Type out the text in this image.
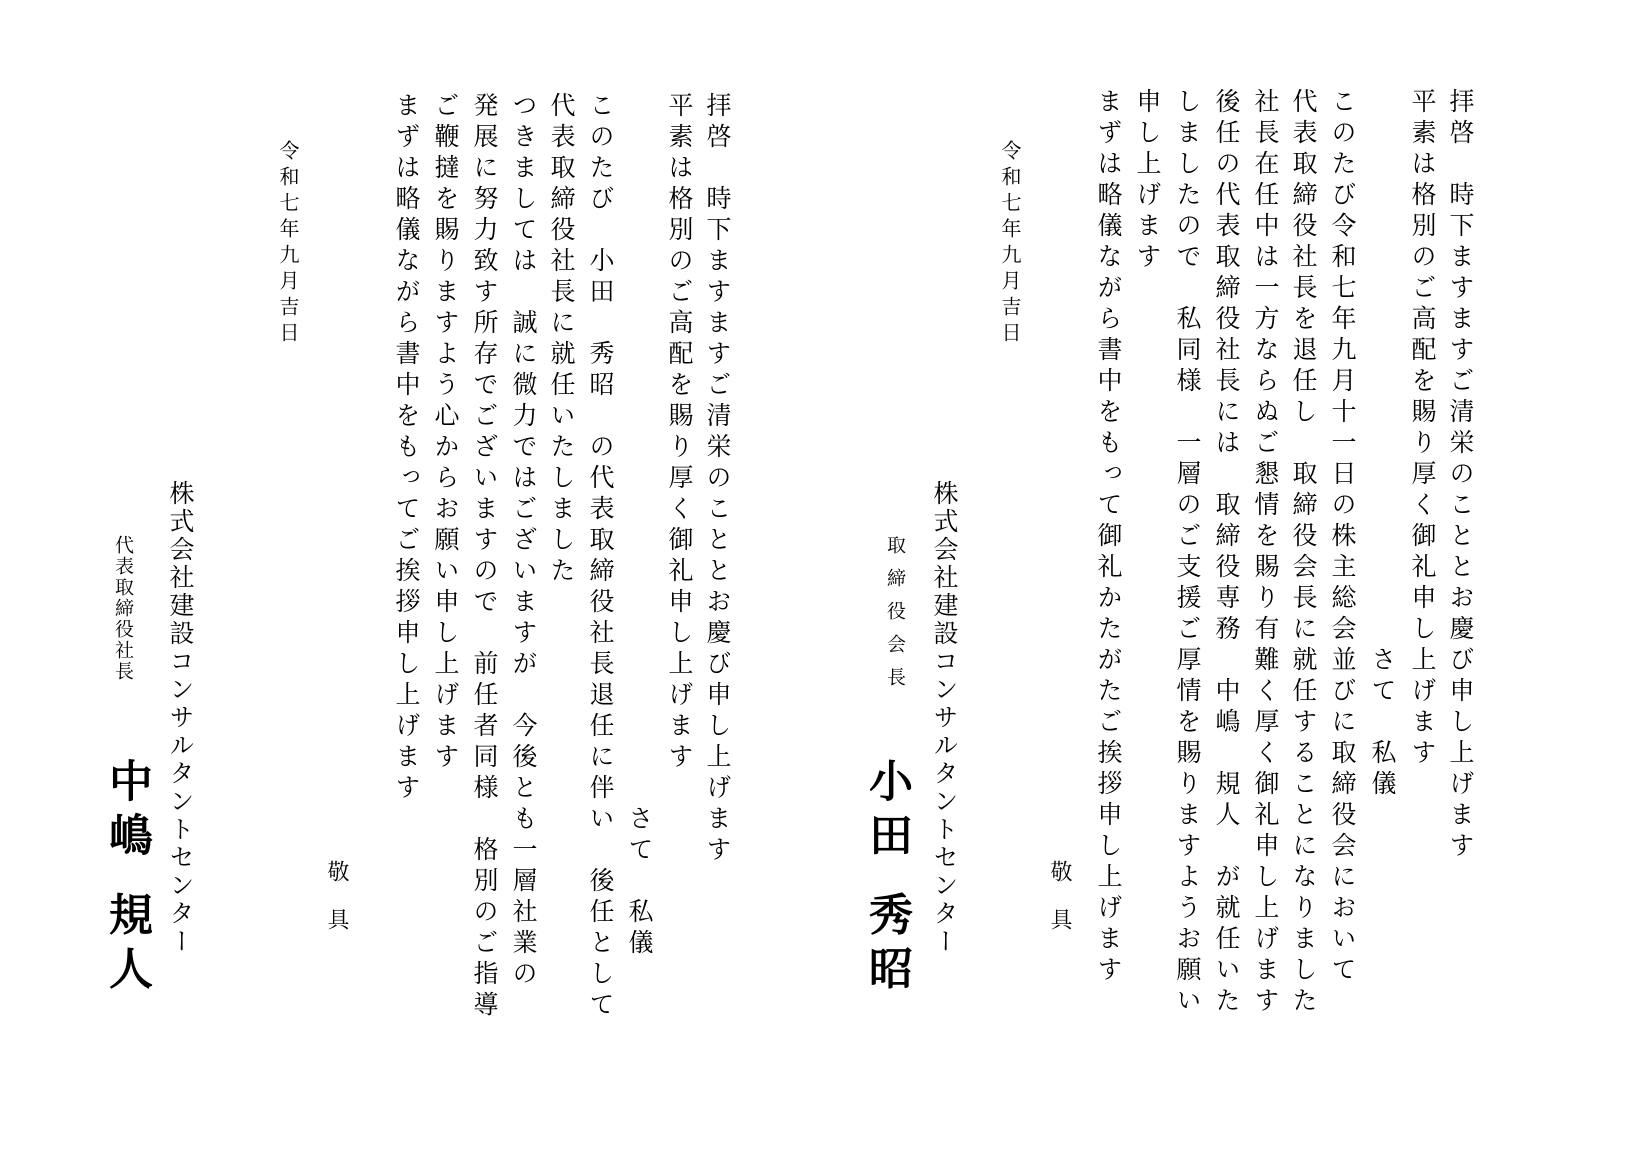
拝啓　時下ますますご清栄のこととお慶び申し上げます
平素は格別のご高配を賜り厚く御礼申し上げます
　　　　　　　　　　　　　　　　　　さて　私儀
このたび令和七年九月十一日の株主総会並びに取締役会において
代表取締役社長を退任し　取締役会長に就任することになりました
社長在任中は一方ならぬご懇情を賜り有難く厚く御礼申し上げます
後任の代表取締役社長には　取締役専務　中嶋　規人　が就任いた
しましたので　私同様　一層のご支援ご厚情を賜りますようお願い
申し上げます
まずは略儀ながら書中をもって御礼かたがたご挨拶申し上げます
敬具
令和七年九月吉日
株式会社建設コンサルタントセンター
取締役会長
小田 秀昭
拝啓　時下ますますご清栄のこととお慶び申し上げます
平素は格別のご高配を賜り厚く御礼申し上げます
　　　　　　　　　　　　　　　　　　　　　　　さて　私儀
このたび　小田　秀昭　の代表取締役社長退任に伴い　後任として
代表取締役社長に就任いたしました
つきましては　誠に微力ではございますが　今後とも一層社業の
発展に努力致す所存でございますので　前任者同様　格別のご指導
ご鞭撻を賜りますよう心からお願い申し上げます
まずは略儀ながら書中をもってご挨拶申し上げます
敬具
令和七年九月吉日
株式会社建設コンサルタントセンター
代表取締役社長
中嶋 規人
